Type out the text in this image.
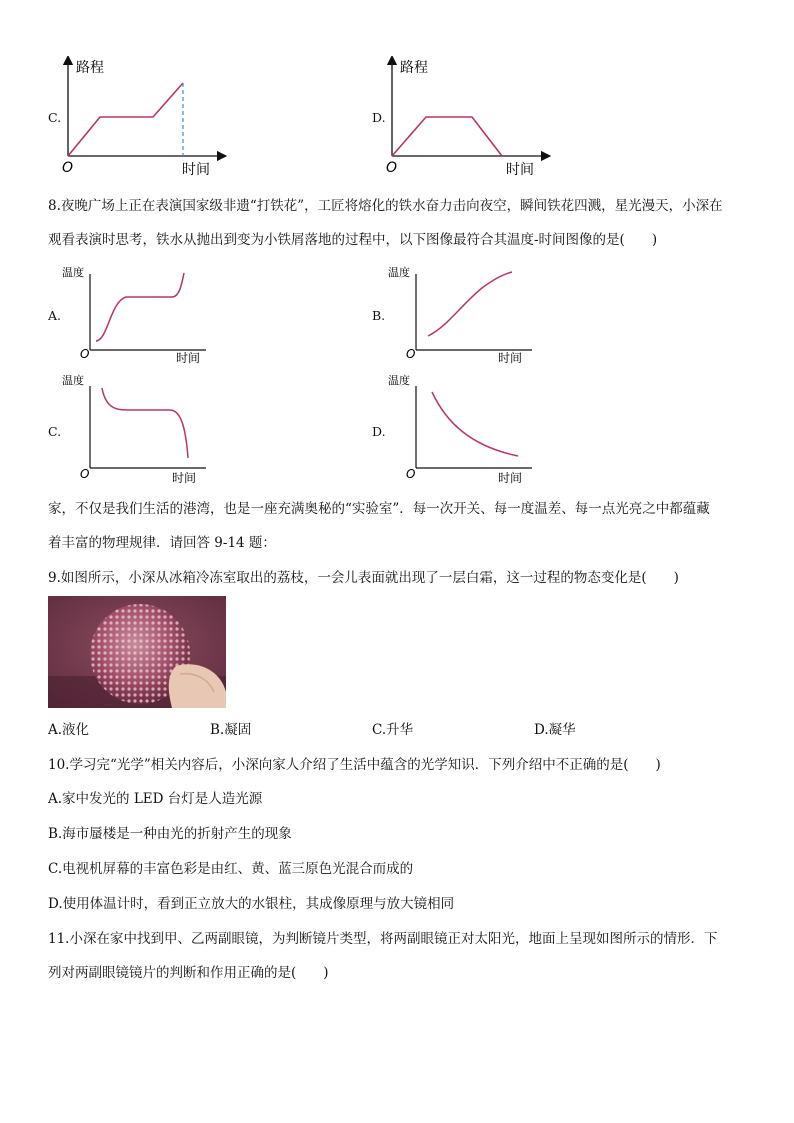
C.
路程
时间
O
D.
路程
时间
O
8.夜晚广场上正在表演国家级非遗“打铁花”，工匠将熔化的铁水奋力击向夜空，瞬间铁花四溅，星光漫天，小深在
观看表演时思考，铁水从抛出到变为小铁屑落地的过程中，以下图像最符合其温度-时间图像的是(　　)
A.
温度
时间
O
B.
温度
时间
O
C.
温度
时间
O
D.
温度
时间
O
家，不仅是我们生活的港湾，也是一座充满奥秘的“实验室”．每一次开关、每一度温差、每一点光亮之中都蕴藏
着丰富的物理规律．请回答 9-14 题：
9.如图所示，小深从冰箱冷冻室取出的荔枝，一会儿表面就出现了一层白霜，这一过程的物态变化是(　　)
A.液化	B.凝固	C.升华	D.凝华
10.学习完“光学”相关内容后，小深向家人介绍了生活中蕴含的光学知识．下列介绍中不正确的是(　　)
A.家中发光的 LED 台灯是人造光源
B.海市蜃楼是一种由光的折射产生的现象
C.电视机屏幕的丰富色彩是由红、黄、蓝三原色光混合而成的
D.使用体温计时，看到正立放大的水银柱，其成像原理与放大镜相同
11.小深在家中找到甲、乙两副眼镜，为判断镜片类型，将两副眼镜正对太阳光，地面上呈现如图所示的情形．下
列对两副眼镜镜片的判断和作用正确的是(　　)
